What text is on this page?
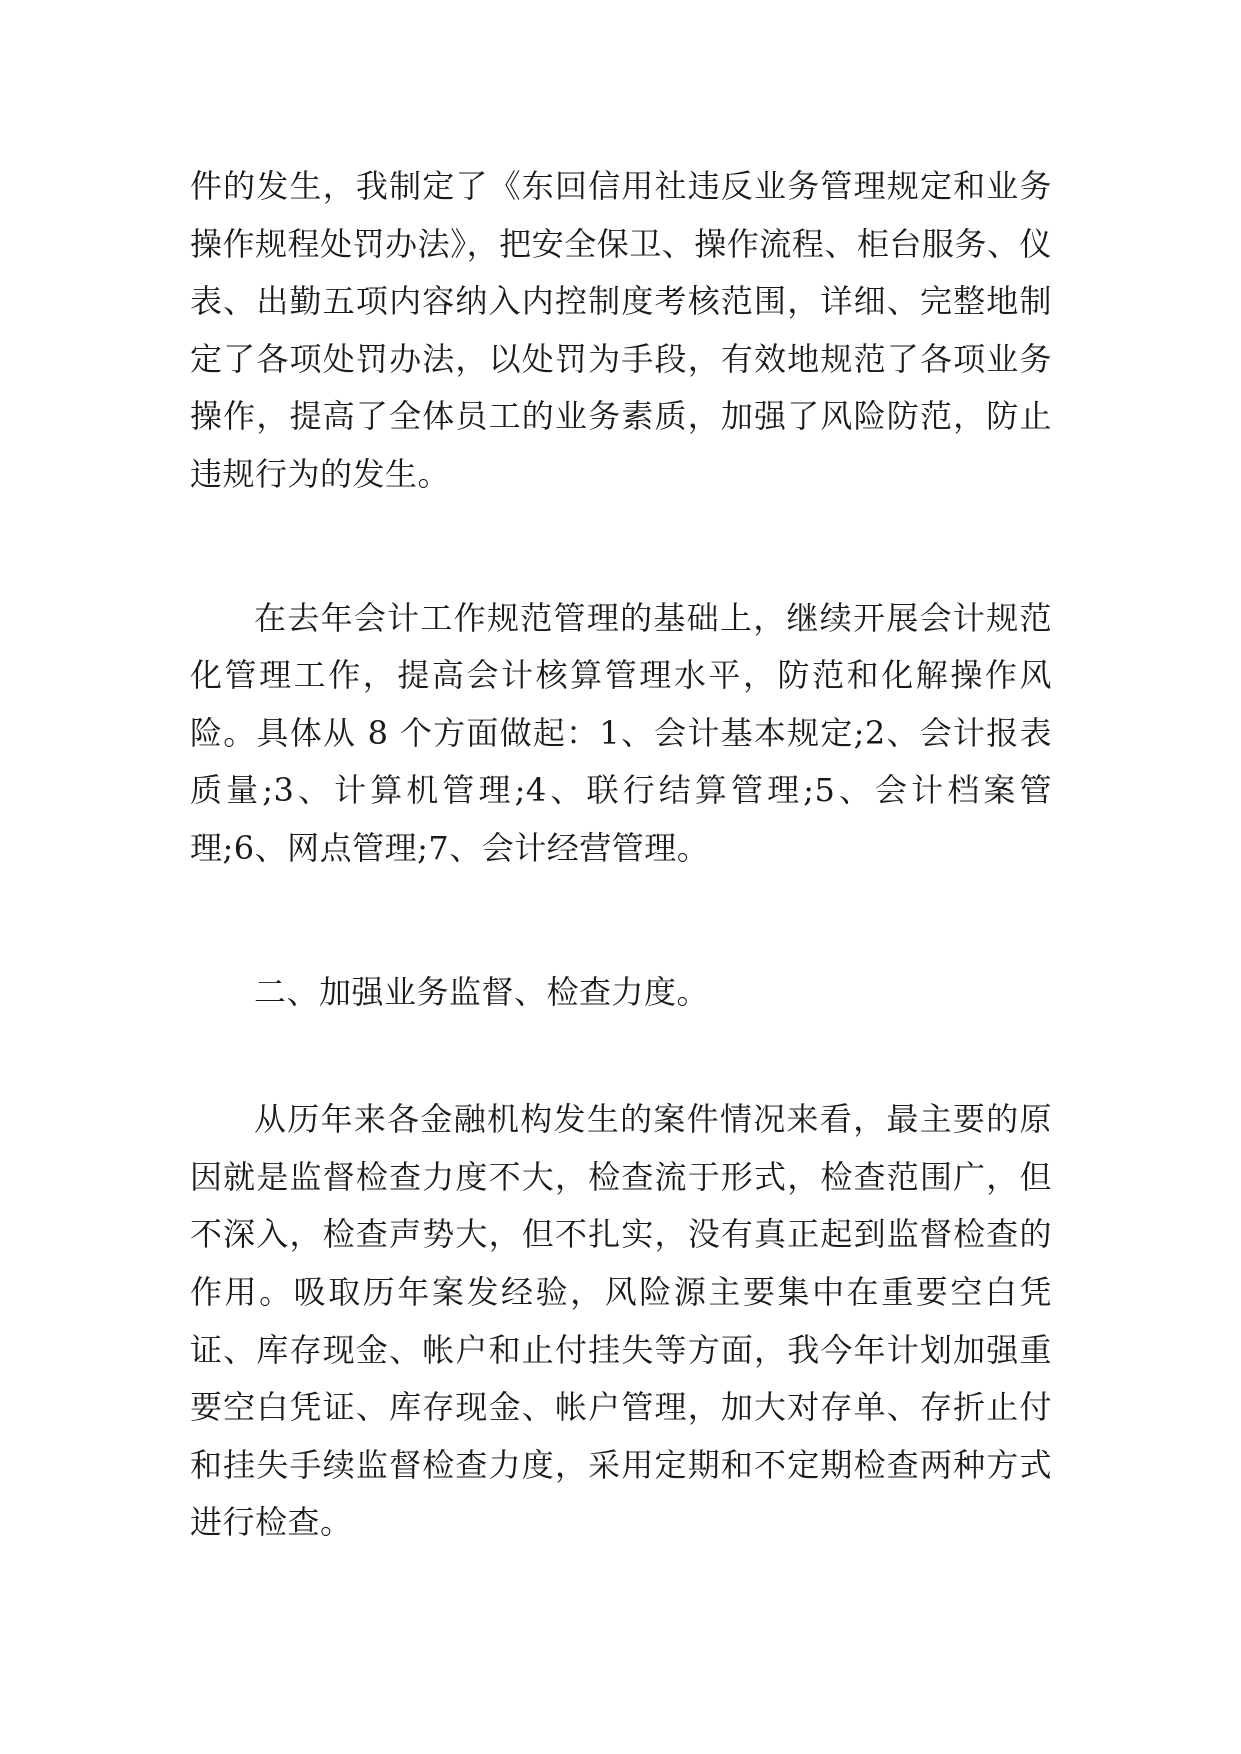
件的发生，我制定了《东回信用社违反业务管理规定和业务操作规程处罚办法》，把安全保卫、操作流程、柜台服务、仪表、出勤五项内容纳入内控制度考核范围，详细、完整地制定了各项处罚办法，以处罚为手段，有效地规范了各项业务操作，提高了全体员工的业务素质，加强了风险防范，防止违规行为的发生。

在去年会计工作规范管理的基础上，继续开展会计规范化管理工作，提高会计核算管理水平，防范和化解操作风险。具体从 8 个方面做起：1、会计基本规定;2、会计报表质量;3、计算机管理;4、联行结算管理;5、会计档案管理;6、网点管理;7、会计经营管理。

二、加强业务监督、检查力度。

从历年来各金融机构发生的案件情况来看，最主要的原因就是监督检查力度不大，检查流于形式，检查范围广，但不深入，检查声势大，但不扎实，没有真正起到监督检查的作用。吸取历年案发经验，风险源主要集中在重要空白凭证、库存现金、帐户和止付挂失等方面，我今年计划加强重要空白凭证、库存现金、帐户管理，加大对存单、存折止付和挂失手续监督检查力度，采用定期和不定期检查两种方式进行检查。
